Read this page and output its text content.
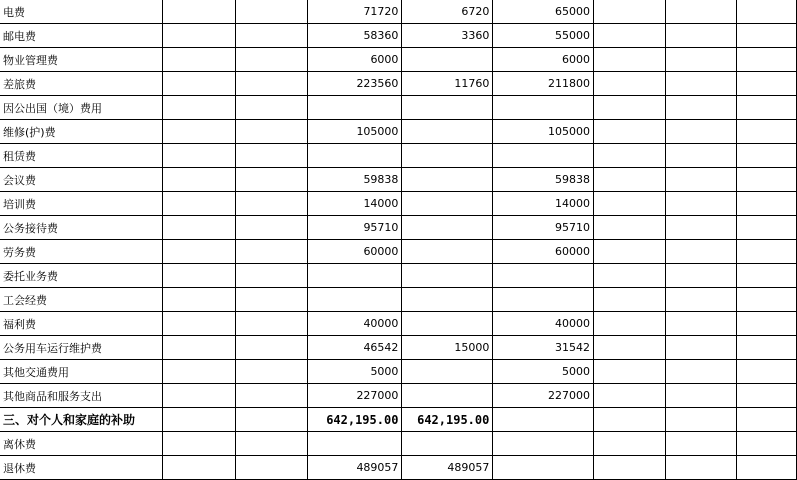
电费			71720	6720	65000			
邮电费			58360	3360	55000			
物业管理费			6000		6000			
差旅费			223560	11760	211800			
因公出国（境）费用								
维修(护)费			105000		105000			
租赁费								
会议费			59838		59838			
培训费			14000		14000			
公务接待费			95710		95710			
劳务费			60000		60000			
委托业务费								
工会经费								
福利费			40000		40000			
公务用车运行维护费			46542	15000	31542			
其他交通费用			5000		5000			
其他商品和服务支出			227000		227000			
三、对个人和家庭的补助			642,195.00	642,195.00				
离休费								
退休费			489057	489057				
